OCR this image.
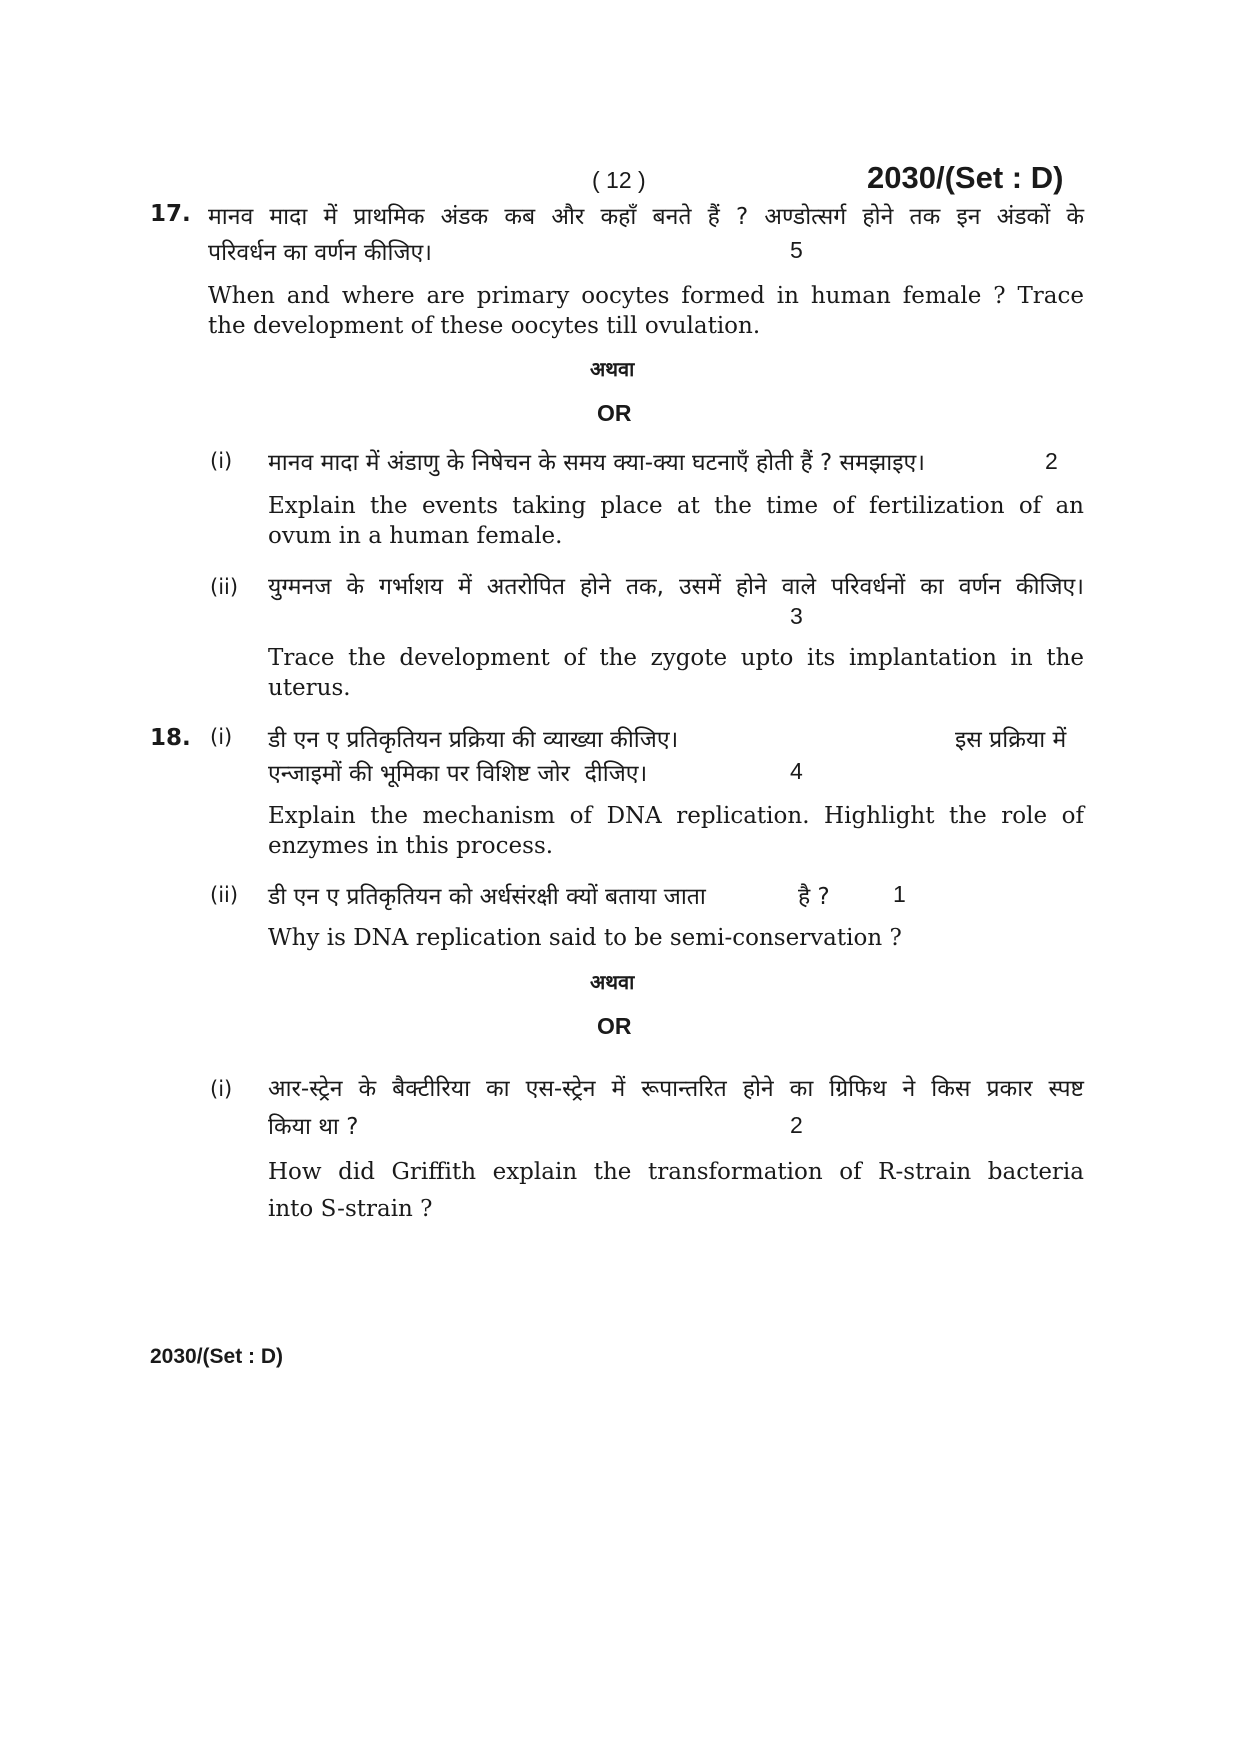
( 12 )	2030/(Set : D)
17. मानव मादा में प्राथमिक अंडक कब और कहाँ बनते हैं ? अण्डोत्सर्ग होने तक इन अंडकों के
परिवर्धन का वर्णन कीजिए।	5
When and where are primary oocytes formed in human female ? Trace
the development of these oocytes till ovulation.
अथवा
OR
(i) मानव मादा में अंडाणु के निषेचन के समय क्या-क्या घटनाएँ होती हैं ? समझाइए।	2
Explain the events taking place at the time of fertilization of an
ovum in a human female.
(ii) युग्मनज के गर्भाशय में अतरोपित होने तक, उसमें होने वाले परिवर्धनों का वर्णन कीजिए।
3
Trace the development of the zygote upto its implantation in the
uterus.
18. (i) डी एन ए प्रतिकृतियन प्रक्रिया की व्याख्या कीजिए।	इस प्रक्रिया में
एन्जाइमों की भूमिका पर विशिष्ट जोर  दीजिए।	4
Explain the mechanism of DNA replication. Highlight the role of
enzymes in this process.
(ii) डी एन ए प्रतिकृतियन को अर्धसंरक्षी क्यों बताया जाता	है ?	1
Why is DNA replication said to be semi-conservation ?
अथवा
OR
(i) आर-स्ट्रेन के बैक्टीरिया का एस-स्ट्रेन में रूपान्तरित होने का ग्रिफिथ ने किस प्रकार स्पष्ट
किया था ?	2
How did Griffith explain the transformation of R-strain bacteria
into S-strain ?
2030/(Set : D)
